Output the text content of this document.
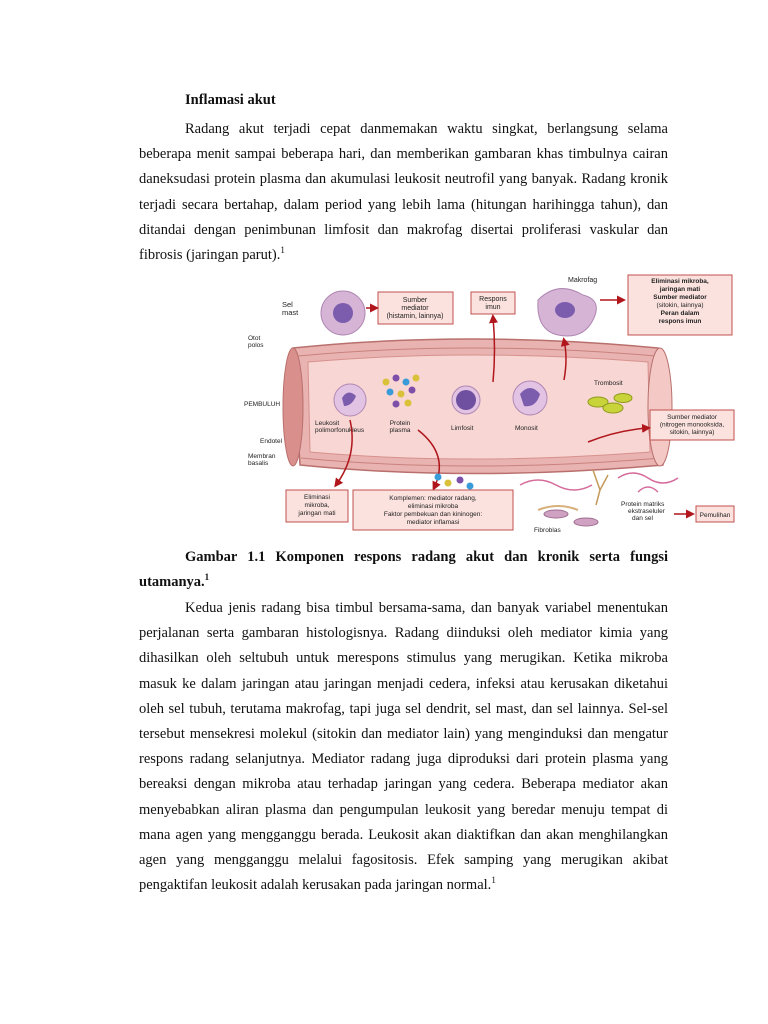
Inflamasi akut

Radang akut terjadi cepat danmemakan waktu singkat, berlangsung selama beberapa menit sampai beberapa hari, dan memberikan gambaran khas timbulnya cairan daneksudasi protein plasma dan akumulasi leukosit neutrofil yang banyak. Radang kronik terjadi secara bertahap, dalam period yang lebih lama (hitungan harihingga tahun), dan ditandai dengan penimbunan limfosit dan makrofag disertai proliferasi vaskular dan fibrosis (jaringan parut).$^1$

Sel mast
Sumber mediator (histamin, lainnya)
Respons imun
Makrofag	Eliminasi mikroba, jaringan mati Sumber mediator (sitokin, lainnya) Peran dalam respons imun
Otot polos
PEMBULUH
Endotel
Membran basalis
Leukosit polimorfonukleus
Protein plasma	Limfosit	Monosit
Trombosit
Sumber mediator (nitrogen monooksida, sitokin, lainnya)
Eliminasi mikroba, jaringan mati
Komplemen: mediator radang, eliminasi mikroba Faktor pembekuan dan kininogen: mediator inflamasi
Fibroblas
Protein matriks ekstraseluler dan sel	Pemulihan

Gambar 1.1 Komponen respons radang akut dan kronik serta fungsi utamanya.$^1$

Kedua jenis radang bisa timbul bersama-sama, dan banyak variabel menentukan perjalanan serta gambaran histologisnya. Radang diinduksi oleh mediator kimia yang dihasilkan oleh seltubuh untuk merespons stimulus yang merugikan. Ketika mikroba masuk ke dalam jaringan atau jaringan menjadi cedera, infeksi atau kerusakan diketahui oleh sel tubuh, terutama makrofag, tapi juga sel dendrit, sel mast, dan sel lainnya. Sel-sel tersebut mensekresi molekul (sitokin dan mediator lain) yang menginduksi dan mengatur respons radang selanjutnya. Mediator radang juga diproduksi dari protein plasma yang bereaksi dengan mikroba atau terhadap jaringan yang cedera. Beberapa mediator akan menyebabkan aliran plasma dan pengumpulan leukosit yang beredar menuju tempat di mana agen yang mengganggu berada. Leukosit akan diaktifkan dan akan menghilangkan agen yang mengganggu melalui fagositosis. Efek samping yang merugikan akibat pengaktifan leukosit adalah kerusakan pada jaringan normal.$^1$
